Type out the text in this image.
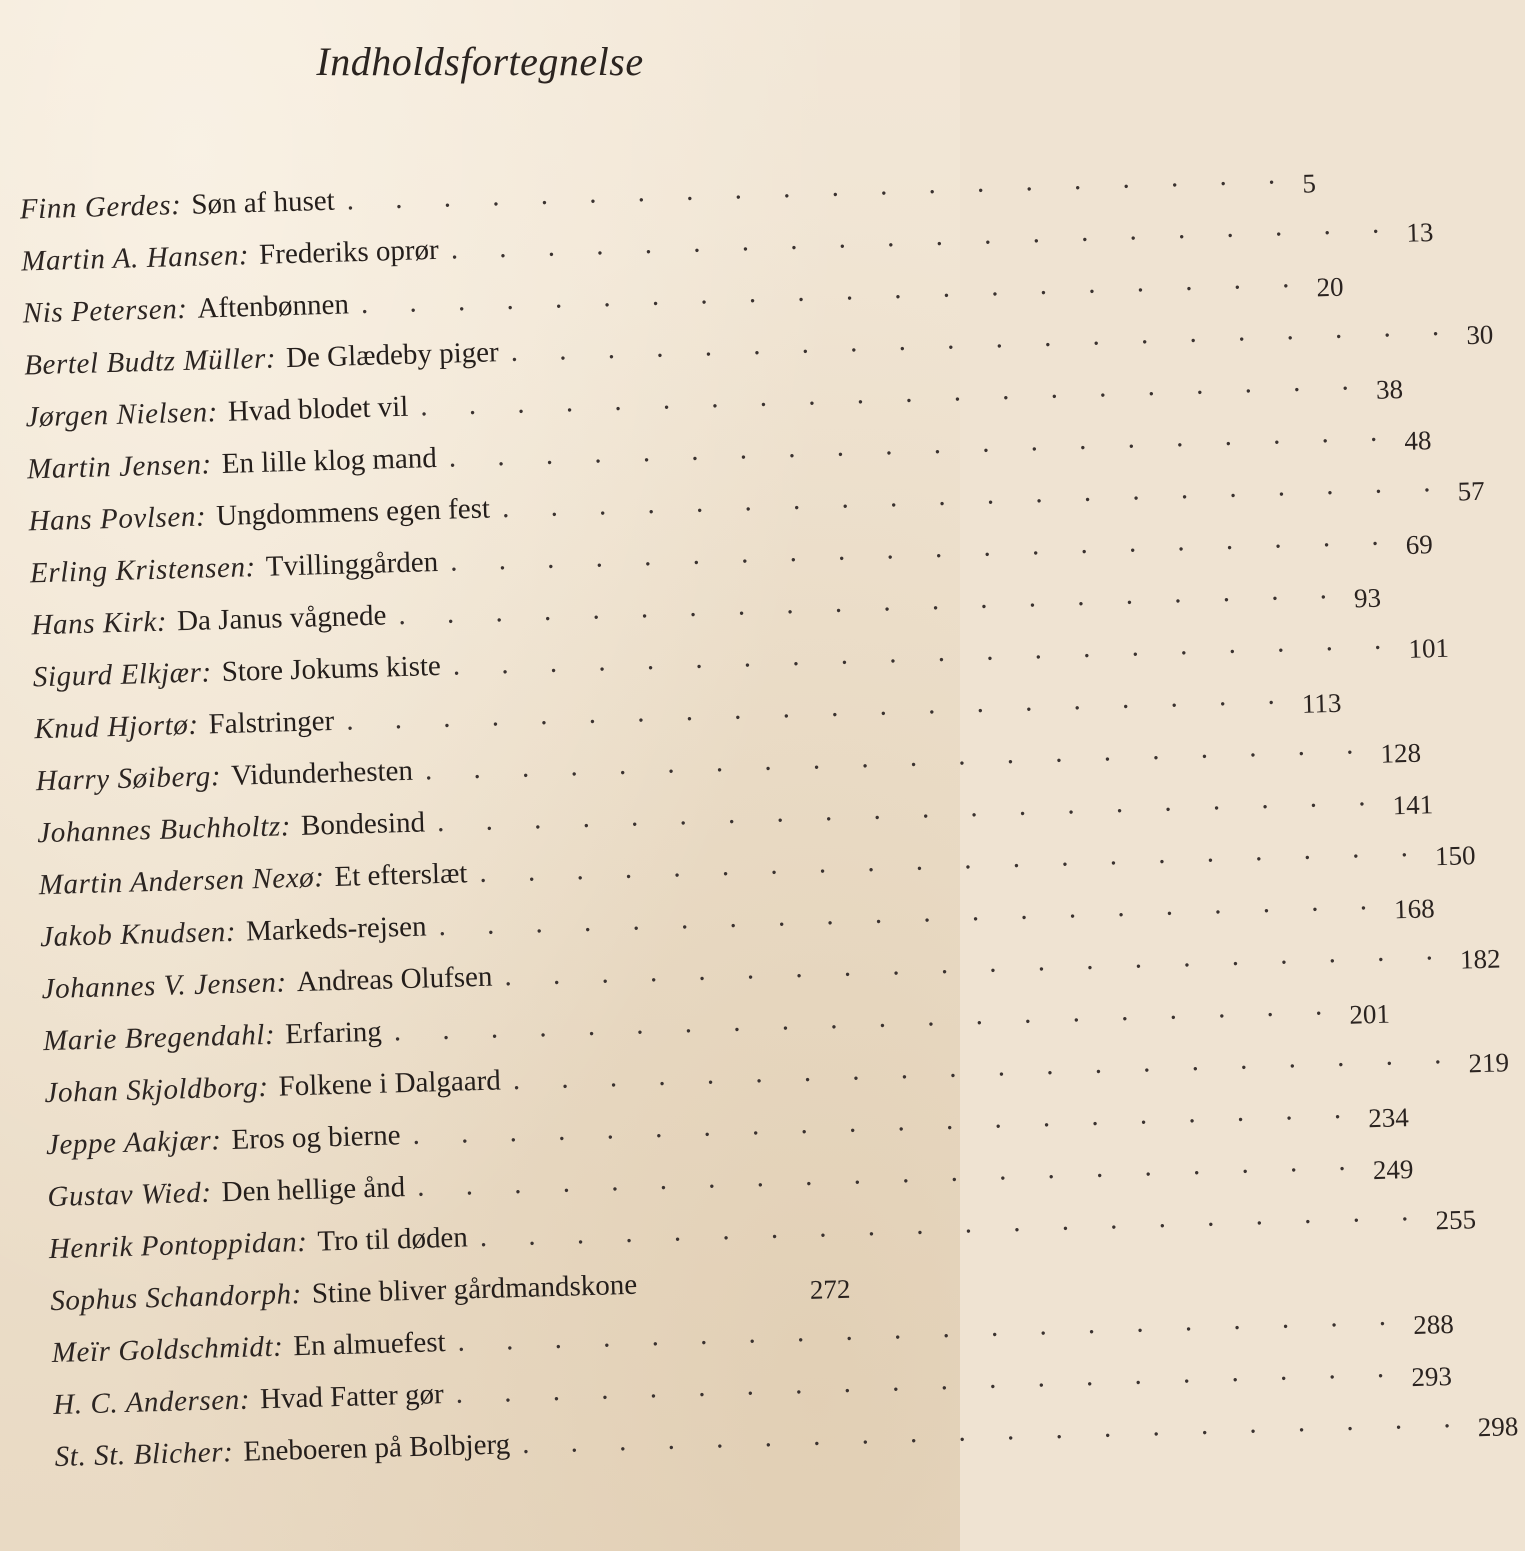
Indholdsfortegnelse
Finn Gerdes: Søn af huset . . . . . . . . . . . . . . . . . . . . 5
Martin A. Hansen: Frederiks oprør . . . . . . . . . . . . . . . . . . . . 13
Nis Petersen: Aftenbønnen . . . . . . . . . . . . . . . . . . . . 20
Bertel Budtz Müller: De Glædeby piger . . . . . . . . . . . . . . . . . . . . 30
Jørgen Nielsen: Hvad blodet vil . . . . . . . . . . . . . . . . . . . . 38
Martin Jensen: En lille klog mand . . . . . . . . . . . . . . . . . . . . 48
Hans Povlsen: Ungdommens egen fest . . . . . . . . . . . . . . . . . . . . 57
Erling Kristensen: Tvillinggården . . . . . . . . . . . . . . . . . . . . 69
Hans Kirk: Da Janus vågnede . . . . . . . . . . . . . . . . . . . . 93
Sigurd Elkjær: Store Jokums kiste . . . . . . . . . . . . . . . . . . . . 101
Knud Hjortø: Falstringer . . . . . . . . . . . . . . . . . . . . 113
Harry Søiberg: Vidunderhesten . . . . . . . . . . . . . . . . . . . . 128
Johannes Buchholtz: Bondesind . . . . . . . . . . . . . . . . . . . . 141
Martin Andersen Nexø: Et efterslæt . . . . . . . . . . . . . . . . . . . . 150
Jakob Knudsen: Markeds-rejsen . . . . . . . . . . . . . . . . . . . . 168
Johannes V. Jensen: Andreas Olufsen . . . . . . . . . . . . . . . . . . . . 182
Marie Bregendahl: Erfaring . . . . . . . . . . . . . . . . . . . . 201
Johan Skjoldborg: Folkene i Dalgaard . . . . . . . . . . . . . . . . . . . . 219
Jeppe Aakjær: Eros og bierne . . . . . . . . . . . . . . . . . . . . 234
Gustav Wied: Den hellige ånd . . . . . . . . . . . . . . . . . . . . 249
Henrik Pontoppidan: Tro til døden . . . . . . . . . . . . . . . . . . . . 255
Sophus Schandorph: Stine bliver gårdmandskone	272
Meïr Goldschmidt: En almuefest . . . . . . . . . . . . . . . . . . . . 288
H. C. Andersen: Hvad Fatter gør . . . . . . . . . . . . . . . . . . . . 293
St. St. Blicher: Eneboeren på Bolbjerg . . . . . . . . . . . . . . . . . . . . 298
